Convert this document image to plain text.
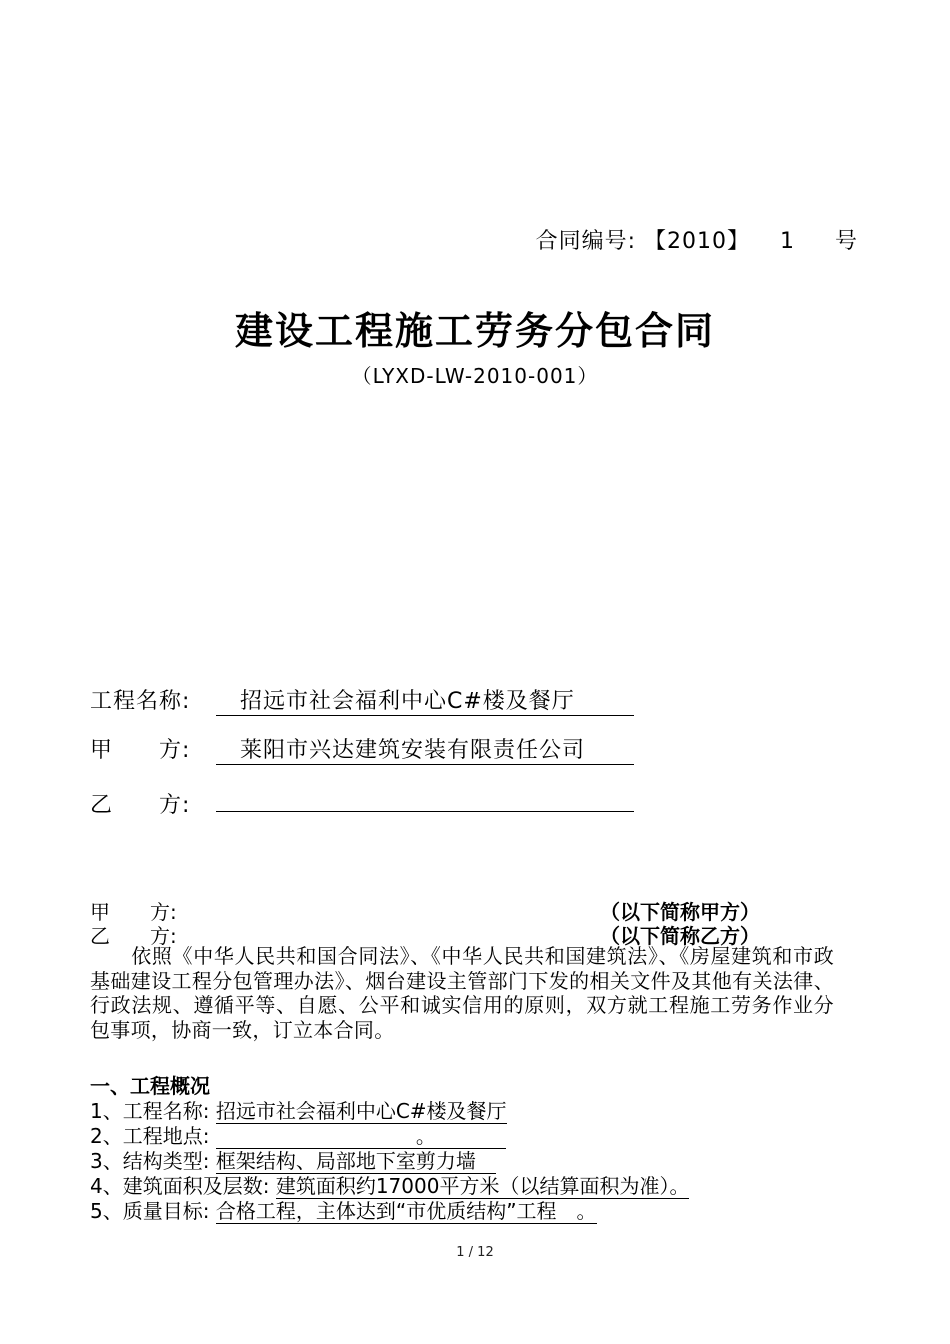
合同编号: 【2010】 1 号
建设工程施工劳务分包合同
（LYXD-LW-2010-001）
工程名称: 招远市社会福利中心C#楼及餐厅
甲　　方: 莱阳市兴达建筑安装有限责任公司
乙　　方:
甲　　方:	（以下简称甲方）
乙　　方:	（以下简称乙方）
　　依照《中华人民共和国合同法》、《中华人民共和国建筑法》、《房屋建筑和市政基础建设工程分包管理办法》、烟台建设主管部门下发的相关文件及其他有关法律、行政法规、遵循平等、自愿、公平和诚实信用的原则，双方就工程施工劳务作业分包事项，协商一致，订立本合同。
一、工程概况
1、工程名称: 招远市社会福利中心C#楼及餐厅
2、工程地点: 　　　　　　　　　　。　　　　
3、结构类型: 框架结构、局部地下室剪力墙　
4、建筑面积及层数: 建筑面积约17000平方米（以结算面积为准）。
5、质量目标: 合格工程，主体达到“市优质结构”工程　。
1 / 12
